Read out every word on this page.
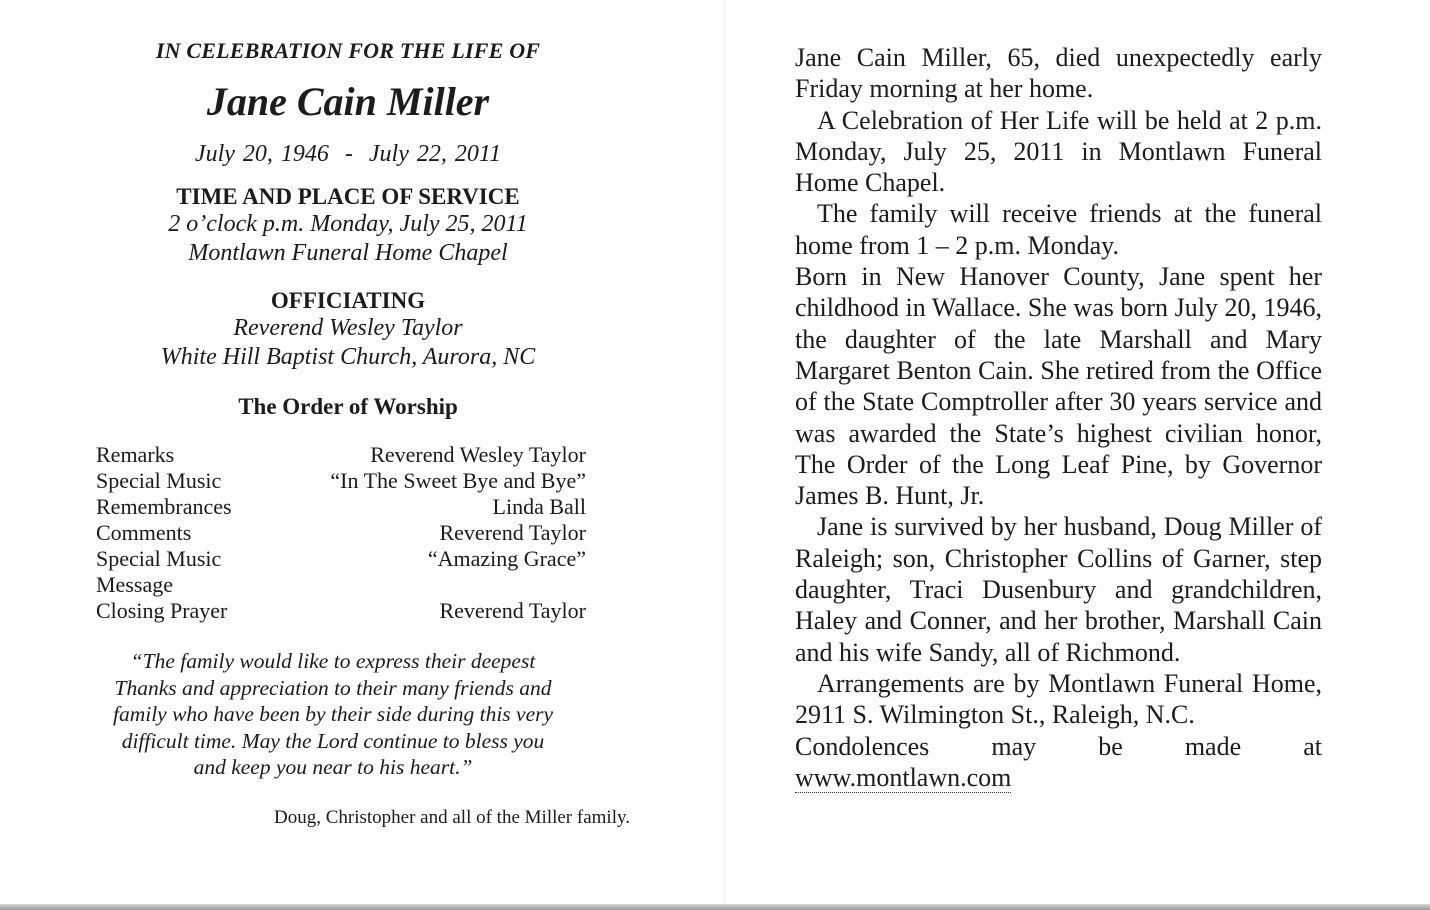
IN CELEBRATION FOR THE LIFE OF

Jane Cain Miller

July 20, 1946  -  July 22, 2011

TIME AND PLACE OF SERVICE

2 o’clock p.m. Monday, July 25, 2011

Montlawn Funeral Home Chapel

OFFICIATING

Reverend Wesley Taylor

White Hill Baptist Church, Aurora, NC

The Order of Worship

Remarks	Reverend Wesley Taylor
Special Music	“In The Sweet Bye and Bye”
Remembrances	Linda Ball
Comments	Reverend Taylor
Special Music	“Amazing Grace”
Message
Closing Prayer	Reverend Taylor
“The family would like to express their deepest
Thanks and appreciation to their many friends and
family who have been by their side during this very
difficult time. May the Lord continue to bless you
and keep you near to his heart.”

Doug, Christopher and all of the Miller family.

Jane Cain Miller, 65, died unexpectedly early Friday morning at her home.

A Celebration of Her Life will be held at 2 p.m. Monday, July 25, 2011 in Montlawn Funeral Home Chapel.

The family will receive friends at the funeral home from 1 – 2 p.m. Monday.

Born in New Hanover County, Jane spent her childhood in Wallace. She was born July 20, 1946, the daughter of the late Marshall and Mary Margaret Benton Cain. She retired from the Office of the State Comptroller after 30 years service and was awarded the State’s highest civilian honor, The Order of the Long Leaf Pine, by Governor James B. Hunt, Jr.

Jane is survived by her husband, Doug Miller of Raleigh; son, Christopher Collins of Garner, step daughter, Traci Dusenbury and grandchildren, Haley and Conner, and her brother, Marshall Cain and his wife Sandy, all of Richmond.

Arrangements are by Montlawn Funeral Home, 2911 S. Wilmington St., Raleigh, N.C.

Condolences may be made at
www.montlawn.com
